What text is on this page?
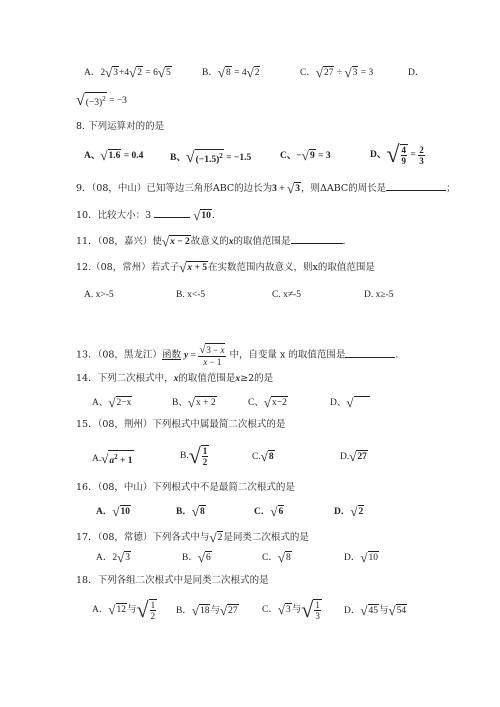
A．2√3+4√2 = 6√5	B．√8 = 4√2	C．√27 ÷ √3 = 3	D．
$√(-3)^2 = -3$
8. 下列运算对的的是
A、√1.6 = 0.4	B、$√(-1.5)^2 = -1.5$	C、−√9 = 3	D、√ $\frac{4}{9} = \frac{2}{3}$
9．（08，中山）已知等边三角形ABC的边长为3 + √3，则ΔABC的周长是	；
10．比较大小：3	√10.
11．（08，嘉兴）使√x − 2故意义的x的取值范围是	.
12.（08，常州）若式子√x + 5在实数范围内故意义，则x的取值范围是
A. x>-5	B. x<-5	C. x≠-5	D. x≥-5
13．（08，黑龙江）函数 $y = \frac{√3 - x}{x - 1}$ 中，自变量 x 的取值范围是	.
14．下列二次根式中，x的取值范围是x≥2的是
A、√2−x	B、√x + 2	C、√x−2	D、√
15．（08，荆州）下列根式中属最简二次根式的是
$A.√a^2 + 1$	$B.√ \frac{1}{2}$	C.√8	D.√27
16．（08，中山）下列根式中不是最简二次根式的是
A．√10	B．√8	C．√6	D．√2
17．（08，常德）下列各式中与√2是同类二次根式的是
A．2√3	B．√6	C．√8	D．√10
18．下列各组二次根式中是同类二次根式的是
A．√12与√ $\frac{1}{2}$ B．√18与√27	C．√3与√ $\frac{1}{3}$ D．√45与√54
